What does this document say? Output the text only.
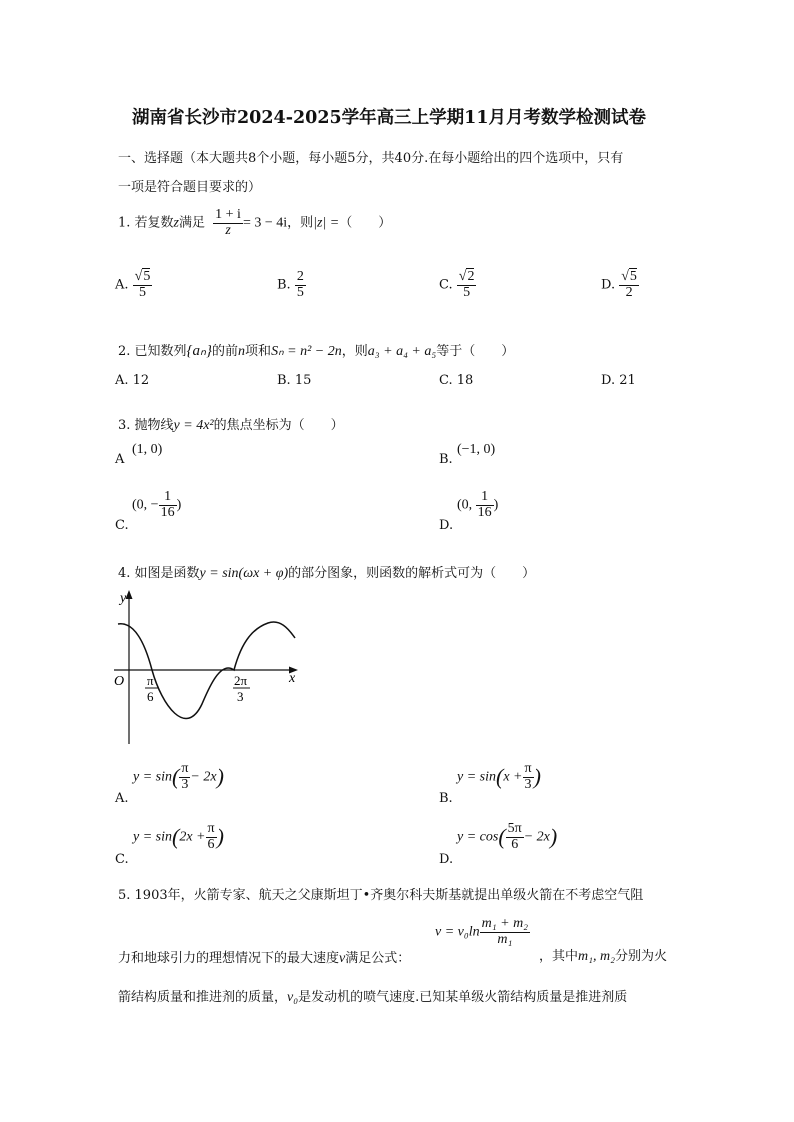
湖南省长沙市2024-2025学年高三上学期11月月考数学检测试卷
一、选择题（本大题共8个小题，每小题5分，共40分.在每小题给出的四个选项中，只有
一项是符合题目要求的）
1. 若复数z满足 $\frac{1 + i}{z} = 3 - 4i$，则|z| =（　　）
A. $\frac{√5}{5}$	B. $\frac{2}{5}$	C. $\frac{√2}{5}$	D. $\frac{√5}{2}$
2. 已知数列{aₙ}的前n项和Sₙ = n² − 2n，则a₃ + a₄ + a₅等于（　　）
A. 12	B. 15	C. 18	D. 21
3. 抛物线y = 4x²的焦点坐标为（　　）
A
(1, 0)
B.
(−1, 0)
C.
(0, − $\frac{1}{16}$ )
D.
(0, $\frac{1}{16}$ )
4. 如图是函数y = sin(ωx + φ)的部分图象，则函数的解析式可为（　　）
y
x
O π
6
2π
3
A.
$y = \sin( \frac{\pi}{3} - 2x)$
B.
$y = \sin(x + \frac{\pi}{3}$ )
C.
$y = \sin(2x + \frac{\pi}{6}$ )
D.
$y = \cos( \frac{5\pi}{6} - 2x)$
5. 1903年，火箭专家、航天之父康斯坦丁•齐奥尔科夫斯基就提出单级火箭在不考虑空气阻
$v = v_0\ln \frac{\text{m₁ + m₂}}{\text{m₁}}$
力和地球引力的理想情况下的最大速度v满足公式：	，其中m₁, m₂分别为火
箭结构质量和推进剂的质量，v₀是发动机的喷气速度.已知某单级火箭结构质量是推进剂质
